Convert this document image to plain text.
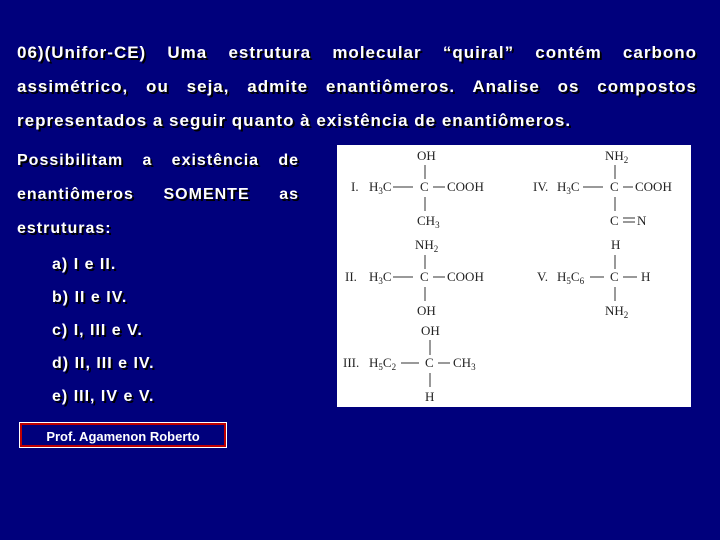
06)(Unifor-CE) Uma estrutura molecular “quiral” contém carbono
assimétrico, ou seja, admite enantiômeros. Analise os compostos
representados a seguir quanto à existência de enantiômeros.
Possibilitam a existência de
enantiômeros SOMENTE as
estruturas:
a) I e II.
b) II e IV.
c) I, III e V.
d) II, III e IV.
e) III, IV e V.
Prof. Agamenon Roberto
I.
OH
$H_3C$ C COOH
$CH_3$
$NH_2$
II. $H_3C$ C COOH
OH
OH
III. $H_5C_2$ C $CH_3$
H
$NH_2$
IV. $H_3C$ C COOH
C N
H
V. $H_5C_6$ C H
$NH_2$
